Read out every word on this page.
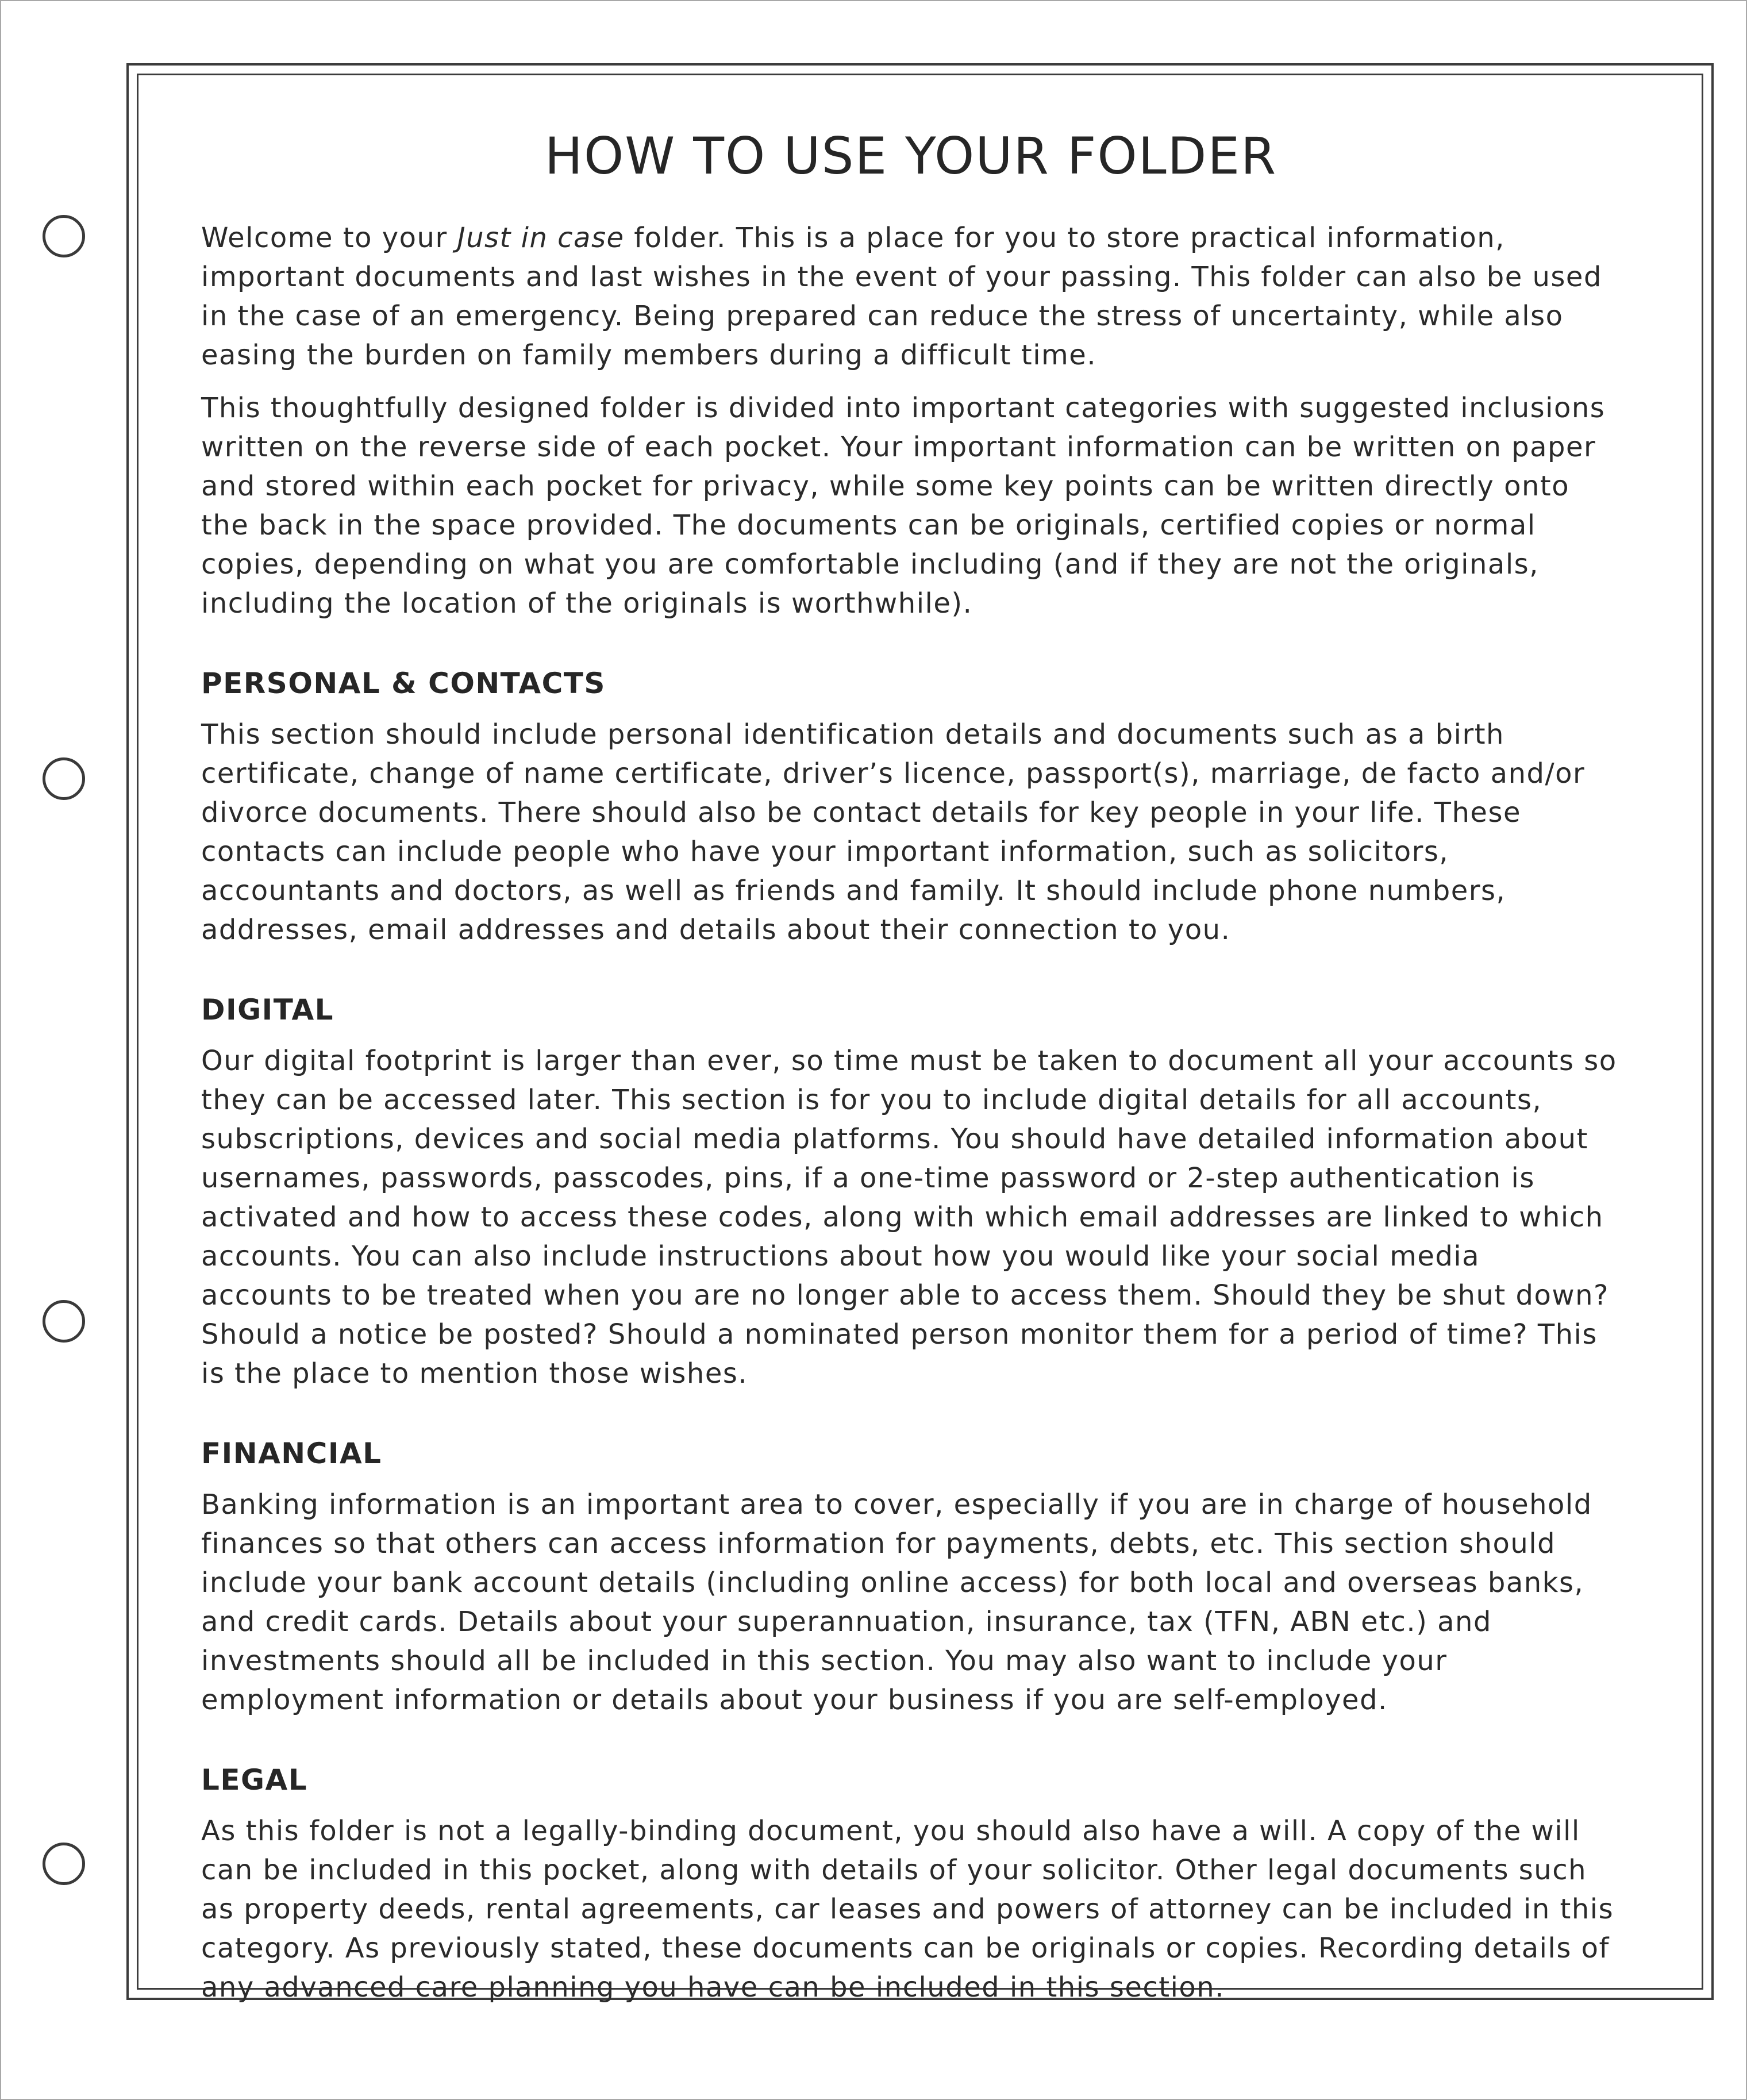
HOW TO USE YOUR FOLDER

Welcome to your Just in case folder. This is a place for you to store practical information, important documents and last wishes in the event of your passing. This folder can also be used in the case of an emergency. Being prepared can reduce the stress of uncertainty, while also easing the burden on family members during a difficult time.

This thoughtfully designed folder is divided into important categories with suggested inclusions written on the reverse side of each pocket. Your important information can be written on paper and stored within each pocket for privacy, while some key points can be written directly onto the back in the space provided. The documents can be originals, certified copies or normal copies, depending on what you are comfortable including (and if they are not the originals, including the location of the originals is worthwhile).

PERSONAL & CONTACTS

This section should include personal identification details and documents such as a birth certificate, change of name certificate, driver’s licence, passport(s), marriage, de facto and/or divorce documents. There should also be contact details for key people in your life. These contacts can include people who have your important information, such as solicitors, accountants and doctors, as well as friends and family. It should include phone numbers, addresses, email addresses and details about their connection to you.

DIGITAL

Our digital footprint is larger than ever, so time must be taken to document all your accounts so they can be accessed later. This section is for you to include digital details for all accounts, subscriptions, devices and social media platforms. You should have detailed information about usernames, passwords, passcodes, pins, if a one-time password or 2-step authentication is activated and how to access these codes, along with which email addresses are linked to which accounts. You can also include instructions about how you would like your social media accounts to be treated when you are no longer able to access them. Should they be shut down? Should a notice be posted? Should a nominated person monitor them for a period of time? This is the place to mention those wishes.

FINANCIAL

Banking information is an important area to cover, especially if you are in charge of household finances so that others can access information for payments, debts, etc. This section should include your bank account details (including online access) for both local and overseas banks, and credit cards. Details about your superannuation, insurance, tax (TFN, ABN etc.) and investments should all be included in this section. You may also want to include your employment information or details about your business if you are self-employed.

LEGAL

As this folder is not a legally-binding document, you should also have a will. A copy of the will can be included in this pocket, along with details of your solicitor. Other legal documents such as property deeds, rental agreements, car leases and powers of attorney can be included in this category. As previously stated, these documents can be originals or copies. Recording details of any advanced care planning you have can be included in this section.
